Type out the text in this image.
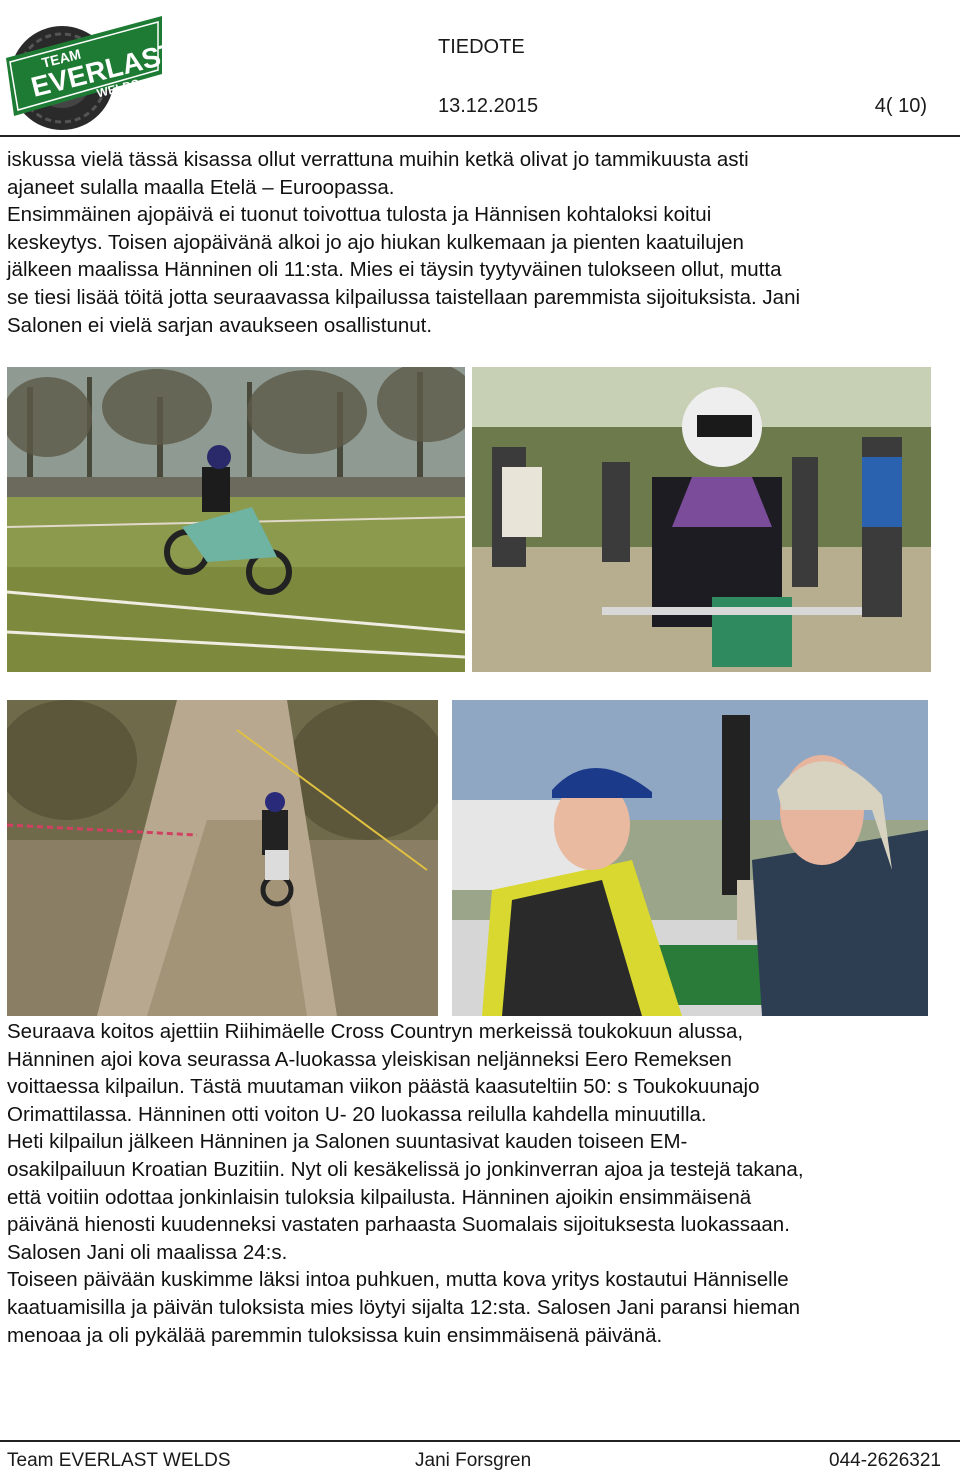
TEAM
EVERLAST
WELDS
TIEDOTE
13.12.2015	4( 10)
iskussa vielä tässä kisassa ollut verrattuna muihin ketkä olivat jo tammikuusta asti
ajaneet sulalla maalla Etelä – Euroopassa.
Ensimmäinen ajopäivä ei tuonut toivottua tulosta ja Hännisen kohtaloksi koitui
keskeytys. Toisen ajopäivänä alkoi jo ajo hiukan kulkemaan ja pienten kaatuilujen
jälkeen maalissa Hänninen oli 11:sta. Mies ei täysin tyytyväinen tulokseen ollut, mutta
se tiesi lisää töitä jotta seuraavassa kilpailussa taistellaan paremmista sijoituksista. Jani
Salonen ei vielä sarjan avaukseen osallistunut.
Seuraava koitos ajettiin Riihimäelle Cross Countryn merkeissä toukokuun alussa,
Hänninen ajoi kova seurassa A-luokassa yleiskisan neljänneksi Eero Remeksen
voittaessa kilpailun. Tästä muutaman viikon päästä kaasuteltiin 50: s Toukokuunajo
Orimattilassa. Hänninen otti voiton U- 20 luokassa reilulla kahdella minuutilla.
Heti kilpailun jälkeen Hänninen ja Salonen suuntasivat kauden toiseen EM-
osakilpailuun Kroatian Buzitiin. Nyt oli kesäkelissä jo jonkinverran ajoa ja testejä takana,
että voitiin odottaa jonkinlaisin tuloksia kilpailusta. Hänninen ajoikin ensimmäisenä
päivänä hienosti kuudenneksi vastaten parhaasta Suomalais sijoituksesta luokassaan.
Salosen Jani oli maalissa 24:s.
Toiseen päivään kuskimme läksi intoa puhkuen, mutta kova yritys kostautui Hänniselle
kaatuamisilla ja päivän tuloksista mies löytyi sijalta 12:sta. Salosen Jani paransi hieman
menoaa ja oli pykälää paremmin tuloksissa kuin ensimmäisenä päivänä.
Team EVERLAST WELDS	Jani Forsgren	044-2626321
